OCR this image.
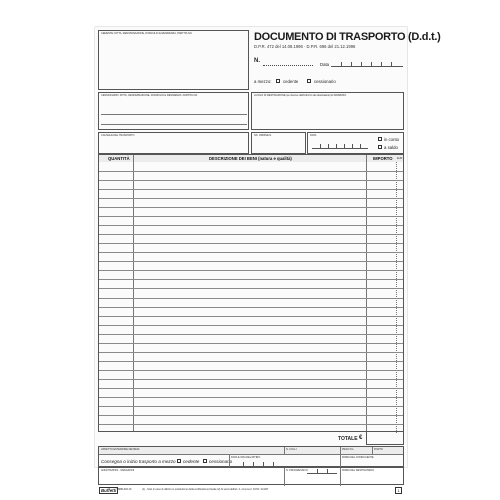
CEDENTE: DITTA, DENOMINAZIONE, DOMICILIO E RESIDENZA, PARTITA IVA	DOCUMENTO DI TRASPORTO (D.d.t.)
D.P.R. 472 del 14.08.1996 · D.P.R. 696 del 21.12.1996
N.
Data
a mezzo:	cedente	cessionario
CESSIONARIO: DITTA, DENOMINAZIONE, DOMICILIO E RESIDENZA, PARTITA IVA	LUOGO DI DESTINAZIONE (se diverso dall'indirizzo del destinatario) E INDIRIZZO
CAUSALE DEL TRASPORTO	NS. ORDINE N.	DATA
in conto
a saldo
QUANTITÀ	DESCRIZIONE DEI BENI (natura e qualità)	IMPORTO EUR
TOTALE €
ASPETTO ESTERIORE DEI BENI	N. COLLI	PESO KG.	PORTO
Consegna o inizio trasporto a mezzo cedente cessionario
DATA E ORA DEL RITIRO	FIRMA DEL CONDUCENTE
ANNOTAZIONI - VARIAZIONI	N. PROGRESSIVO	FIRMA DEL DESTINATARIO
Buffetti 8861Z02.16	(1) - Solo in caso di utilizzo in sostituzione della certificazione fiscale (2) Ai sensi dell'art. 2, comma 2, D.P.R. 441/97	1
